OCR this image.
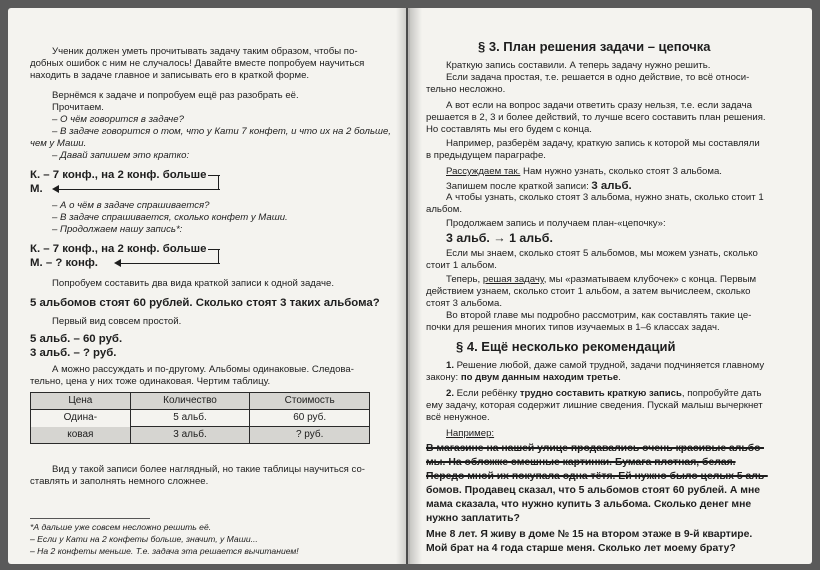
Ученик должен уметь прочитывать задачу таким образом, чтобы по-
добных ошибок с ним не случалось! Давайте вместе попробуем научиться
находить в задаче главное и записывать его в краткой форме.
Вернёмся к задаче и попробуем ещё раз разобрать её.
Прочитаем.
– О чём говорится в задаче?
– В задаче говорится о том, что у Кати 7 конфет, и что их на 2 больше,
чем у Маши.
– Давай запишем это кратко:
К. – 7 конф., на 2 конф. больше
М.
– А о чём в задаче спрашивается?
– В задаче спрашивается, сколько конфет у Маши.
– Продолжаем нашу запись*:
К. – 7 конф., на 2 конф. больше
М. – ? конф.
Попробуем составить два вида краткой записи к одной задаче.
5 альбомов стоят 60 рублей. Сколько стоят 3 таких альбома?
Первый вид совсем простой.
5 альб. – 60 руб.
3 альб. – ? руб.
А можно рассуждать и по-другому. Альбомы одинаковые. Следова-
тельно, цена у них тоже одинаковая. Чертим таблицу.
Цена	Количество	Стоимость
Одина-	5 альб.	60 руб.
ковая	3 альб.	? руб.
Вид у такой записи более наглядный, но такие таблицы научиться со-
ставлять и заполнять немного сложнее.
*А дальше уже совсем несложно решить её.
– Если у Кати на 2 конфеты больше, значит, у Маши...
– На 2 конфеты меньше. Т.е. задача эта решается вычитанием!
§ 3. План решения задачи – цепочка
Краткую запись составили. А теперь задачу нужно решить.
Если задача простая, т.е. решается в одно действие, то всё относи-
тельно несложно.
А вот если на вопрос задачи ответить сразу нельзя, т.е. если задача
решается в 2, 3 и более действий, то лучше всего составить план решения.
Но составлять мы его будем с конца.
Например, разберём задачу, краткую запись к которой мы составляли
в предыдущем параграфе.
Рассуждаем так. Нам нужно узнать, сколько стоят 3 альбома.
Запишем после краткой записи: 3 альб.
А чтобы узнать, сколько стоят 3 альбома, нужно знать, сколько стоит 1
альбом.
Продолжаем запись и получаем план-«цепочку»:
3 альб. → 1 альб.
Если мы знаем, сколько стоят 5 альбомов, мы можем узнать, сколько
стоит 1 альбом.
Теперь, решая задачу, мы «разматываем клубочек» с конца. Первым
действием узнаем, сколько стоит 1 альбом, а затем вычислеем, сколько
стоят 3 альбома.
Во второй главе мы подробно рассмотрим, как составлять такие це-
почки для решения многих типов изучаемых в 1–6 классах задач.
§ 4. Ещё несколько рекомендаций
1. Решение любой, даже самой трудной, задачи подчиняется главному
закону: по двум данным находим третье.
2. Если ребёнку трудно составить краткую запись, попробуйте дать
ему задачу, которая содержит лишние сведения. Пускай малыш вычеркнет
всё ненужное.
Например:
В магазине на нашей улице продавались очень красивые альбо-
мы. На обложке смешные картинки. Бумага плотная, белая.
Передо мной их покупала одна тётя. Ей нужно было целых 5 аль-
бомов. Продавец сказал, что 5 альбомов стоят 60 рублей. А мне
мама сказала, что нужно купить 3 альбома. Сколько денег мне
нужно заплатить?
Мне 8 лет. Я живу в доме № 15 на втором этаже в 9-й квартире.
Мой брат на 4 года старше меня. Сколько лет моему брату?
